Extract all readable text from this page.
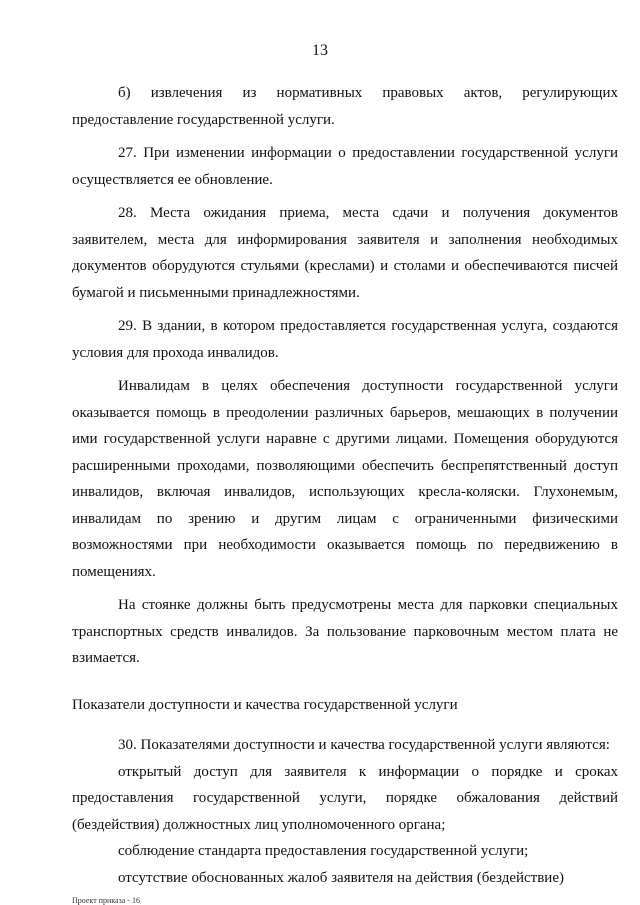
13

б) извлечения из нормативных правовых актов, регулирующих предоставление государственной услуги.

27. При изменении информации о предоставлении государственной услуги осуществляется ее обновление.

28. Места ожидания приема, места сдачи и получения документов заявителем, места для информирования заявителя и заполнения необходимых документов оборудуются стульями (креслами) и столами и обеспечиваются писчей бумагой и письменными принадлежностями.

29. В здании, в котором предоставляется государственная услуга, создаются условия для прохода инвалидов.

Инвалидам в целях обеспечения доступности государственной услуги оказывается помощь в преодолении различных барьеров, мешающих в получении ими государственной услуги наравне с другими лицами. Помещения оборудуются расширенными проходами, позволяющими обеспечить беспрепятственный доступ инвалидов, включая инвалидов, использующих кресла-коляски. Глухонемым, инвалидам по зрению и другим лицам с ограниченными физическими возможностями при необходимости оказывается помощь по передвижению в помещениях.

На стоянке должны быть предусмотрены места для парковки специальных транспортных средств инвалидов. За пользование парковочным местом плата не взимается.

Показатели доступности и качества государственной услуги

30. Показателями доступности и качества государственной услуги являются:

открытый доступ для заявителя к информации о порядке и сроках предоставления государственной услуги, порядке обжалования действий (бездействия) должностных лиц уполномоченного органа;

соблюдение стандарта предоставления государственной услуги;

отсутствие обоснованных жалоб заявителя на действия (бездействие)

Проект приказа - 16
